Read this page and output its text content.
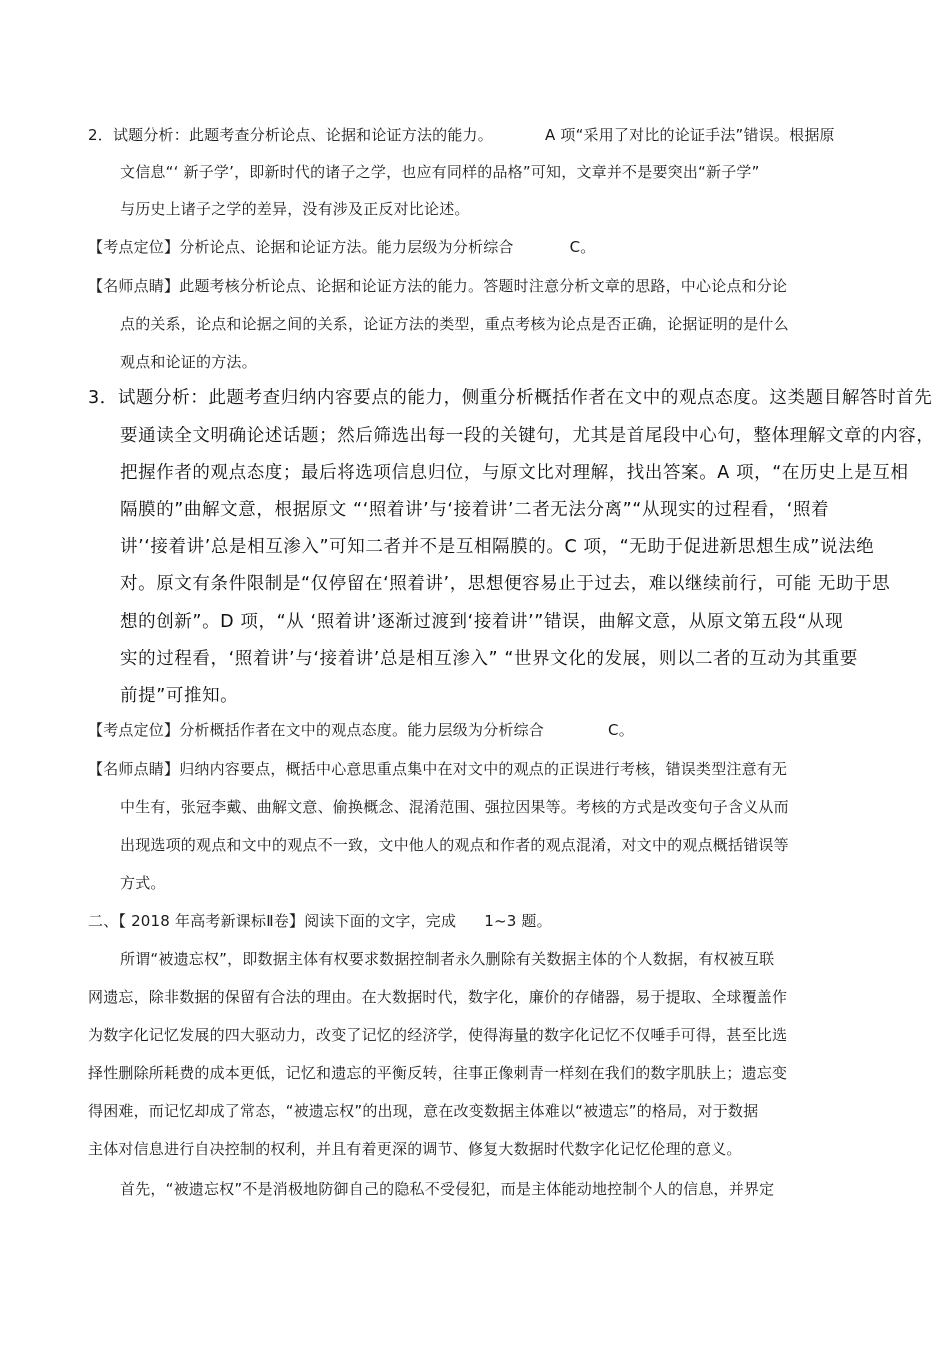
2．试题分析：此题考查分析论点、论据和论证方法的能力。	A 项“采用了对比的论证手法”错误。根据原
文信息“‘ 新子学’，即新时代的诸子之学，也应有同样的品格”可知，文章并不是要突出“新子学”
与历史上诸子之学的差异，没有涉及正反对比论述。
【考点定位】分析论点、论据和论证方法。能力层级为分析综合	C。
【名师点睛】此题考核分析论点、论据和论证方法的能力。答题时注意分析文章的思路，中心论点和分论
点的关系，论点和论据之间的关系，论证方法的类型，重点考核为论点是否正确，论据证明的是什么
观点和论证的方法。
3．试题分析：此题考查归纳内容要点的能力，侧重分析概括作者在文中的观点态度。这类题目解答时首先
要通读全文明确论述话题；然后筛选出每一段的关键句，尤其是首尾段中心句，整体理解文章的内容，
把握作者的观点态度；最后将选项信息归位，与原文比对理解，找出答案。A 项，“在历史上是互相
隔膜的”曲解文意，根据原文 “‘照着讲’与‘接着讲’二者无法分离”“从现实的过程看，‘照着
讲’‘接着讲’总是相互渗入”可知二者并不是互相隔膜的。C 项，“无助于促进新思想生成”说法绝
对。原文有条件限制是“仅停留在‘照着讲’，思想便容易止于过去，难以继续前行，可能 无助于思
想的创新”。D 项，“从 ‘照着讲’逐渐过渡到‘接着讲’”错误，曲解文意，从原文第五段“从现
实的过程看，‘照着讲’与‘接着讲’总是相互渗入” “世界文化的发展，则以二者的互动为其重要
前提”可推知。
【考点定位】分析概括作者在文中的观点态度。能力层级为分析综合	C。
【名师点睛】归纳内容要点，概括中心意思重点集中在对文中的观点的正误进行考核，错误类型注意有无
中生有，张冠李戴、曲解文意、偷换概念、混淆范围、强拉因果等。考核的方式是改变句子含义从而
出现选项的观点和文中的观点不一致，文中他人的观点和作者的观点混淆，对文中的观点概括错误等
方式。
二、【 2018 年高考新课标Ⅱ卷】阅读下面的文字，完成 1~3 题。
所谓“被遗忘权”，即数据主体有权要求数据控制者永久删除有关数据主体的个人数据，有权被互联
网遗忘，除非数据的保留有合法的理由。在大数据时代，数字化，廉价的存储器，易于提取、全球覆盖作
为数字化记忆发展的四大驱动力，改变了记忆的经济学，使得海量的数字化记忆不仅唾手可得，甚至比选
择性删除所耗费的成本更低，记忆和遗忘的平衡反转，往事正像刺青一样刻在我们的数字肌肤上；遗忘变
得困难，而记忆却成了常态，“被遗忘权”的出现，意在改变数据主体难以“被遗忘”的格局，对于数据
主体对信息进行自决控制的权利，并且有着更深的调节、修复大数据时代数字化记忆伦理的意义。
首先，“被遗忘权”不是消极地防御自己的隐私不受侵犯，而是主体能动地控制个人的信息，并界定
